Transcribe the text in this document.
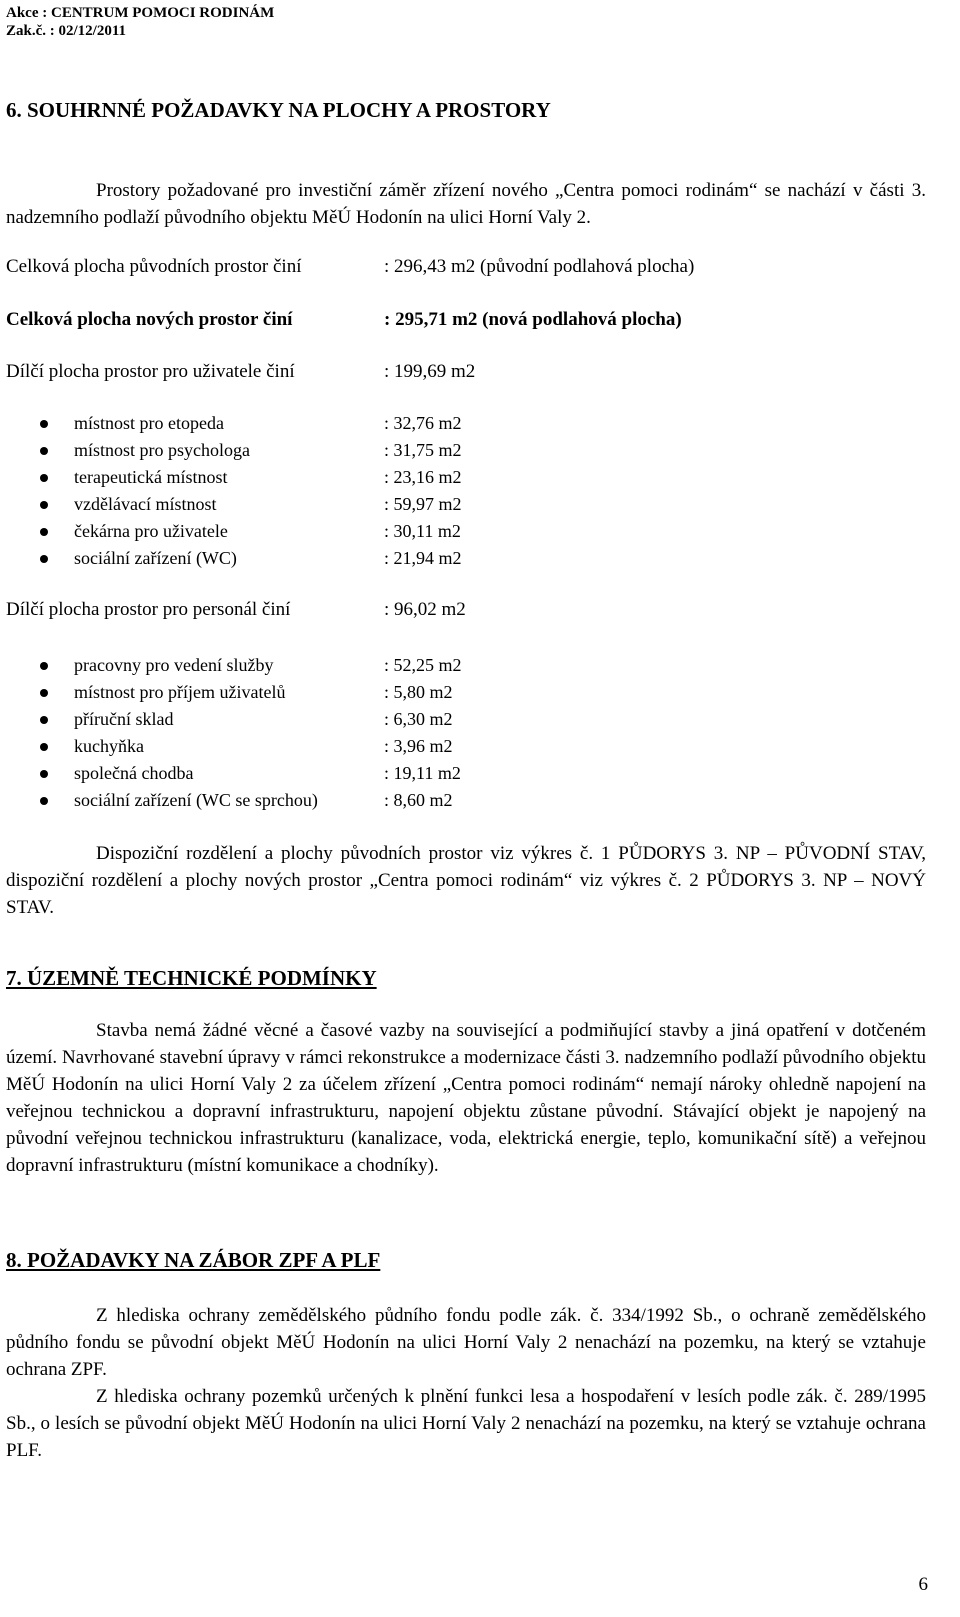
Akce : CENTRUM POMOCI RODINÁM
Zak.č. : 02/12/2011
6. SOUHRNNÉ POŽADAVKY NA PLOCHY A PROSTORY

Prostory požadované pro investiční záměr zřízení nového „Centra pomoci rodinám“ se nachází v části 3. nadzemního podlaží původního objektu MěÚ Hodonín na ulici Horní Valy 2.

Celková plocha původních prostor činí	: 296,43 m2 (původní podlahová plocha)
Celková plocha nových prostor činí	: 295,71 m2 (nová podlahová plocha)
Dílčí plocha prostor pro uživatele činí	: 199,69 m2
místnost pro etopeda	: 32,76 m2
místnost pro psychologa	: 31,75 m2
terapeutická místnost	: 23,16 m2
vzdělávací místnost	: 59,97 m2
čekárna pro uživatele	: 30,11 m2
sociální zařízení (WC)	: 21,94 m2
Dílčí plocha prostor pro personál činí	: 96,02 m2
pracovny pro vedení služby	: 52,25 m2
místnost pro příjem uživatelů	: 5,80 m2
příruční sklad	: 6,30 m2
kuchyňka	: 3,96 m2
společná chodba	: 19,11 m2
sociální zařízení (WC se sprchou)	: 8,60 m2

Dispoziční rozdělení a plochy původních prostor viz výkres č. 1 PŮDORYS 3. NP – PŮVODNÍ STAV, dispoziční rozdělení a plochy nových prostor „Centra pomoci rodinám“ viz výkres č. 2 PŮDORYS 3. NP – NOVÝ STAV.

7. ÚZEMNĚ TECHNICKÉ PODMÍNKY

Stavba nemá žádné věcné a časové vazby na související a podmiňující stavby a jiná opatření v dotčeném území. Navrhované stavební úpravy v rámci rekonstrukce a modernizace části 3. nadzemního podlaží původního objektu MěÚ Hodonín na ulici Horní Valy 2 za účelem zřízení „Centra pomoci rodinám“ nemají nároky ohledně napojení na veřejnou technickou a dopravní infrastrukturu, napojení objektu zůstane původní. Stávající objekt je napojený na původní veřejnou technickou infrastrukturu (kanalizace, voda, elektrická energie, teplo, komunikační sítě) a veřejnou dopravní infrastrukturu (místní komunikace a chodníky).

8. POŽADAVKY NA ZÁBOR ZPF A PLF

Z hlediska ochrany zemědělského půdního fondu podle zák. č. 334/1992 Sb., o ochraně zemědělského půdního fondu se původní objekt MěÚ Hodonín na ulici Horní Valy 2 nenachází na pozemku, na který se vztahuje ochrana ZPF.

Z hlediska ochrany pozemků určených k plnění funkci lesa a hospodaření v lesích podle zák. č. 289/1995 Sb., o lesích se původní objekt MěÚ Hodonín na ulici Horní Valy 2 nenachází na pozemku, na který se vztahuje ochrana PLF.

6
